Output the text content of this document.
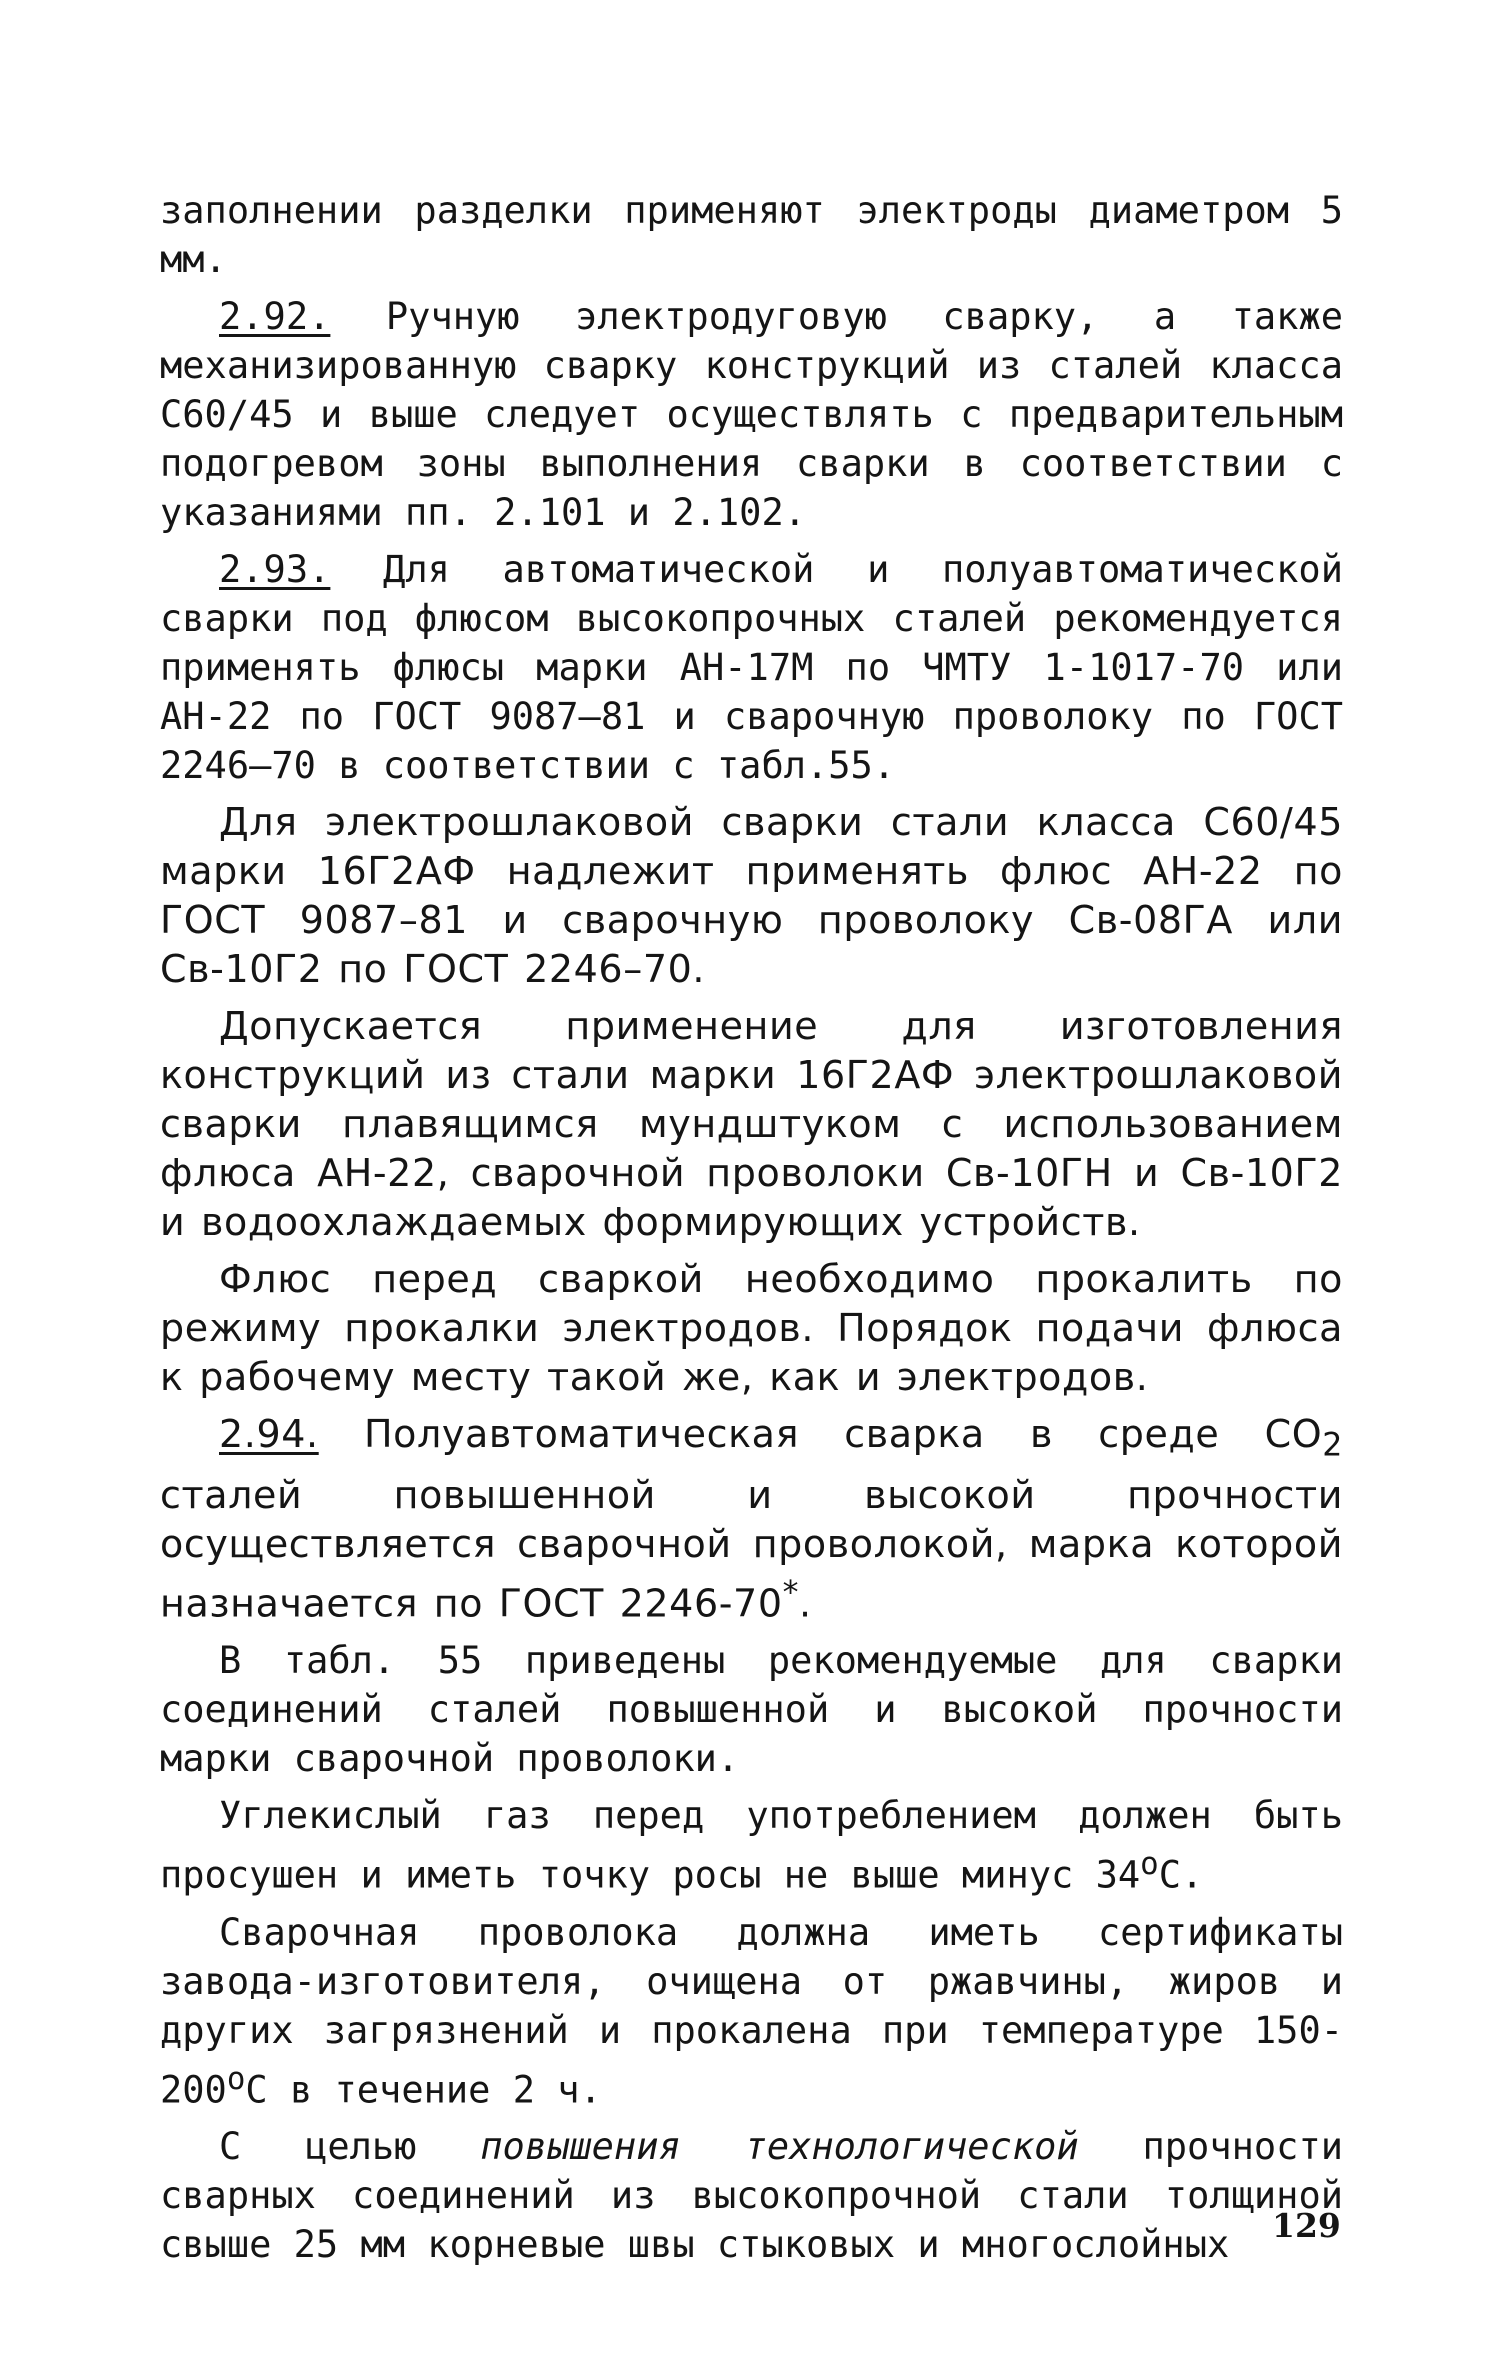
заполнении разделки применяют электроды диаметром 5 мм.

2.92. Ручную электродуговую сварку, а также механизированную сварку конструкций из сталей класса С60/45 и выше следует осуществлять с предварительным подогревом зоны выполнения сварки в соответствии с указаниями пп. 2.101 и 2.102.

2.93. Для автоматической и полуавтоматической сварки под флюсом высокопрочных сталей рекомендуется применять флюсы марки АН-17М по ЧМТУ 1-1017-70 или АН-22 по ГОСТ 9087–81 и сварочную проволоку по ГОСТ 2246–70 в соответствии с табл.55.

Для электрошлаковой сварки стали класса С60/45 марки 16Г2АФ надлежит применять флюс АН-22 по ГОСТ 9087–81 и сварочную проволоку Св-08ГА или Св-10Г2 по ГОСТ 2246–70.

Допускается применение для изготовления конструкций из стали марки 16Г2АФ электрошлаковой сварки плавящимся мундштуком с использованием флюса АН-22, сварочной проволоки Св-10ГН и Св-10Г2 и водоохлаждаемых формирующих устройств.

Флюс перед сваркой необходимо прокалить по режиму прокалки электродов. Порядок подачи флюса к рабочему месту такой же, как и электродов.

2.94. Полуавтоматическая сварка в среде $СО_2$ сталей повышенной и высокой прочности осуществляется сварочной проволокой, марка которой назначается по ГОСТ 2246-70*.

В табл. 55 приведены рекомендуемые для сварки соединений сталей повышенной и высокой прочности марки сварочной проволоки.

Углекислый газ перед употреблением должен быть просушен и иметь точку росы не выше минус $34^оС$.

Сварочная проволока должна иметь сертификаты завода-изготовителя, очищена от ржавчины, жиров и других загрязнений и прокалена при температуре $150-200^оС$ в течение 2 ч.

С целью повышения технологической прочности сварных соединений из высокопрочной стали толщиной свыше 25 мм корневые швы стыковых и многослойных	129
